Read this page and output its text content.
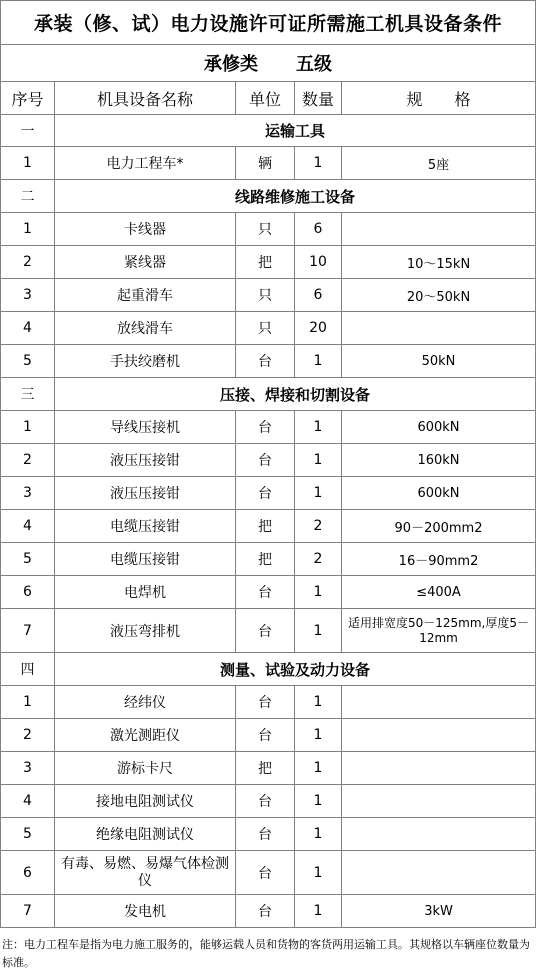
承装（修、试）电力设施许可证所需施工机具设备条件				
承修类 五级				
序号	机具设备名称	单位	数量	规　　格
一	运输工具			
1	电力工程车*	辆	1	5座
二	线路维修施工设备			
1	卡线器	只	6	
2	紧线器	把	10	10～15kN
3	起重滑车	只	6	20～50kN
4	放线滑车	只	20	
5	手扶绞磨机	台	1	50kN
三	压接、焊接和切割设备			
1	导线压接机	台	1	600kN
2	液压压接钳	台	1	160kN
3	液压压接钳	台	1	600kN
4	电缆压接钳	把	2	90－200mm2
5	电缆压接钳	把	2	16－90mm2
6	电焊机	台	1	≤400A
7	液压弯排机	台	1	适用排宽度50－125mm,厚度5－12mm
四	测量、试验及动力设备			
1	经纬仪	台	1	
2	激光测距仪	台	1	
3	游标卡尺	把	1	
4	接地电阻测试仪	台	1	
5	绝缘电阻测试仪	台	1	
6	有毒、易燃、易爆气体检测仪	台	1	
7	发电机	台	1	3kW
注：电力工程车是指为电力施工服务的，能够运载人员和货物的客货两用运输工具。其规格以车辆座位数量为标准。
